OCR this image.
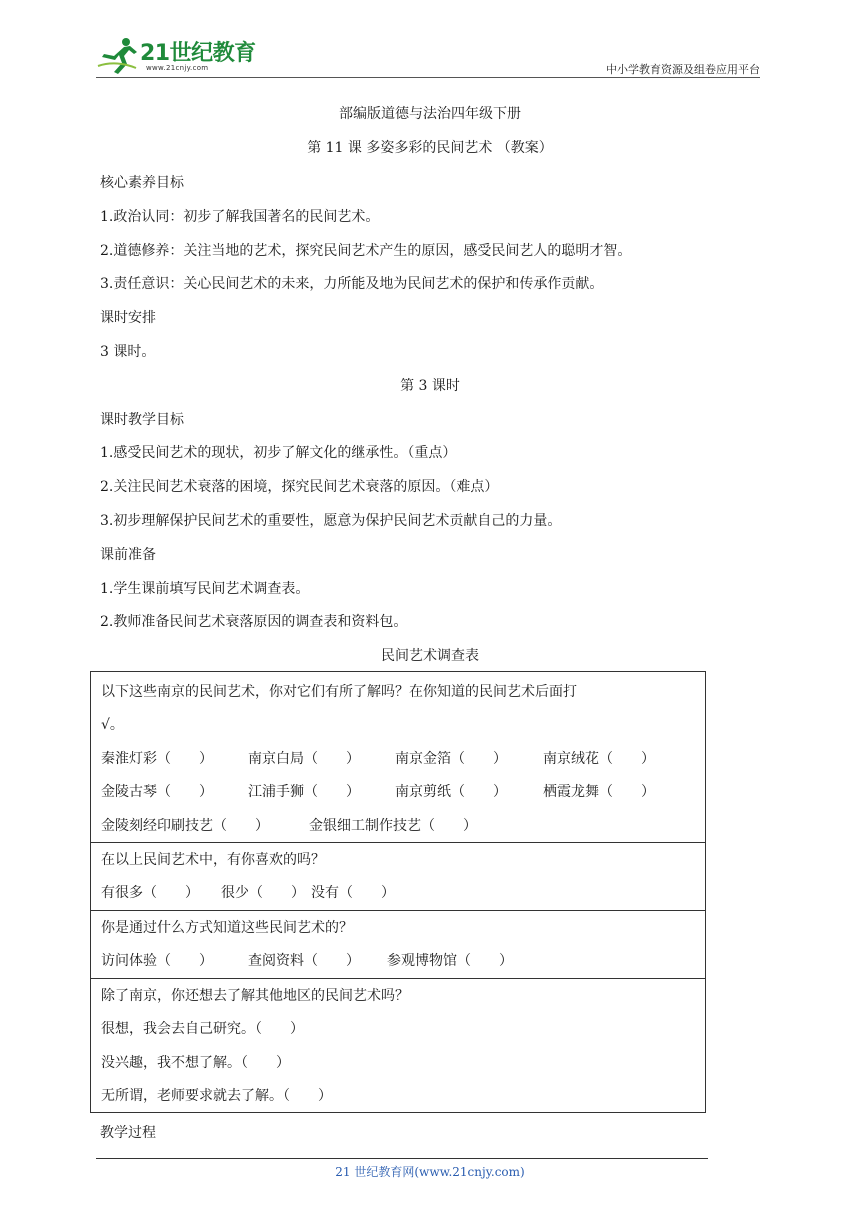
21世纪教育
www.21cnjy.com	中小学教育资源及组卷应用平台
部编版道德与法治四年级下册
第 11 课 多姿多彩的民间艺术 （教案）
核心素养目标
1.政治认同：初步了解我国著名的民间艺术。
2.道德修养：关注当地的艺术，探究民间艺术产生的原因，感受民间艺人的聪明才智。
3.责任意识：关心民间艺术的未来，力所能及地为民间艺术的保护和传承作贡献。
课时安排
3 课时。
第 3 课时
课时教学目标
1.感受民间艺术的现状，初步了解文化的继承性。（重点）
2.关注民间艺术衰落的困境，探究民间艺术衰落的原因。（难点）
3.初步理解保护民间艺术的重要性，愿意为保护民间艺术贡献自己的力量。
课前准备
1.学生课前填写民间艺术调查表。
2.教师准备民间艺术衰落原因的调查表和资料包。
民间艺术调查表
以下这些南京的民间艺术，你对它们有所了解吗？在你知道的民间艺术后面打
√。
秦淮灯彩（　　）	南京白局（　　）	南京金箔（　　）	南京绒花（　　）
金陵古琴（　　）	江浦手狮（　　）	南京剪纸（　　）	栖霞龙舞（　　）
金陵刻经印刷技艺（　　）	金银细工制作技艺（　　）
在以上民间艺术中，有你喜欢的吗？
有很多（　　） 很少（　　） 没有（　　）
你是通过什么方式知道这些民间艺术的？
访问体验（　　）	查阅资料（　　） 参观博物馆（　　）
除了南京，你还想去了解其他地区的民间艺术吗？
很想，我会去自己研究。（　　）
没兴趣，我不想了解。（　　）
无所谓，老师要求就去了解。（　　）
教学过程
21 世纪教育网(www.21cnjy.com)
